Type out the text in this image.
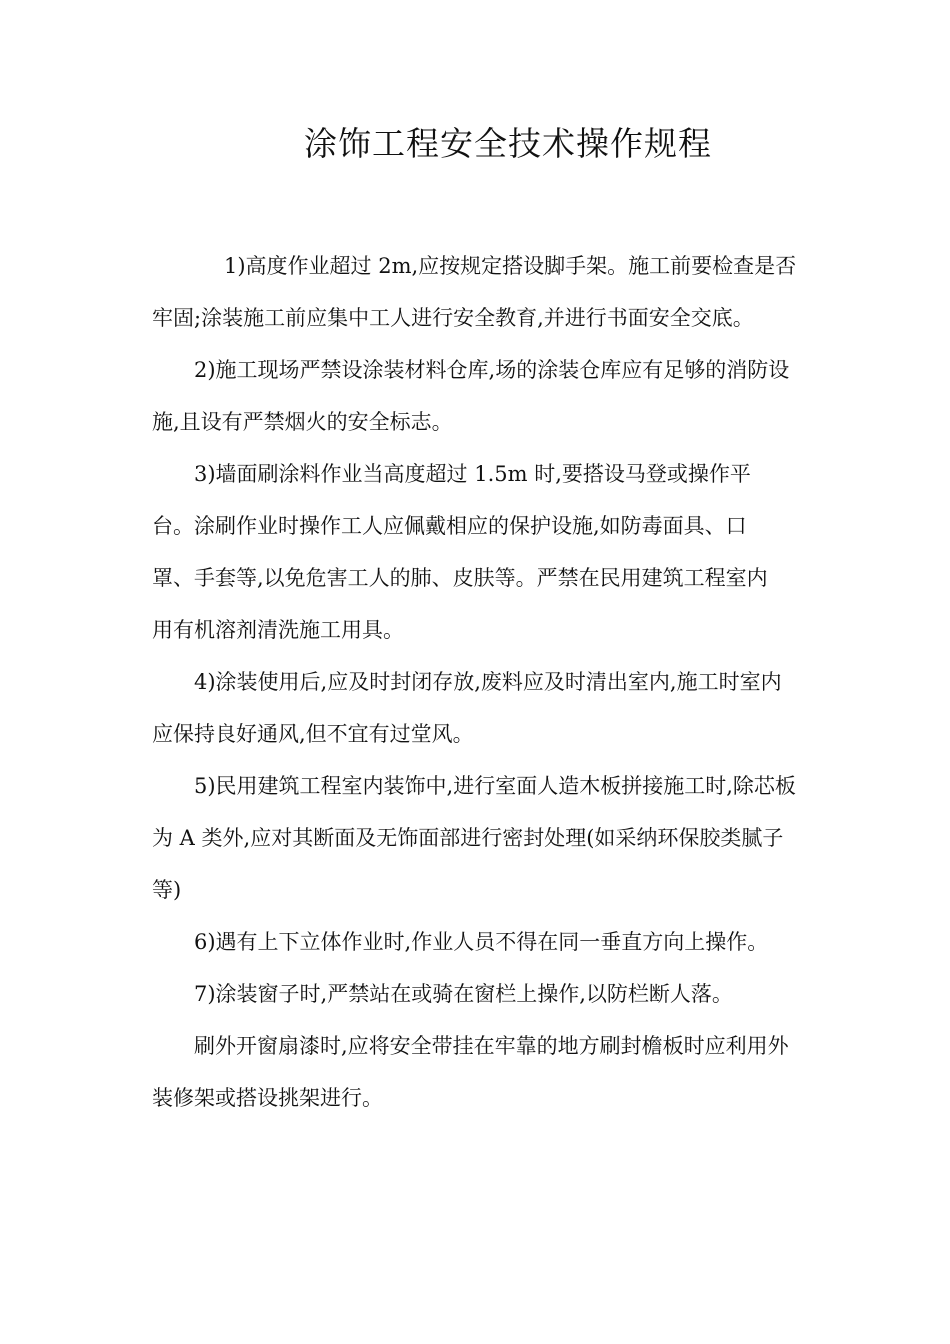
涂饰工程安全技术操作规程

1)高度作业超过 2m,应按规定搭设脚手架。施工前要检查是否牢固;涂装施工前应集中工人进行安全教育,并进行书面安全交底。

2)施工现场严禁设涂装材料仓库,场的涂装仓库应有足够的消防设施,且设有严禁烟火的安全标志。

3)墙面刷涂料作业当高度超过 1.5m 时,要搭设马登或操作平台。涂刷作业时操作工人应佩戴相应的保护设施,如防毒面具、口罩、手套等,以免危害工人的肺、皮肤等。严禁在民用建筑工程室内用有机溶剂清洗施工用具。

4)涂装使用后,应及时封闭存放,废料应及时清出室内,施工时室内应保持良好通风,但不宜有过堂风。

5)民用建筑工程室内装饰中,进行室面人造木板拼接施工时,除芯板为 A 类外,应对其断面及无饰面部进行密封处理(如采纳环保胶类腻子等)

6)遇有上下立体作业时,作业人员不得在同一垂直方向上操作。

7)涂装窗子时,严禁站在或骑在窗栏上操作,以防栏断人落。

刷外开窗扇漆时,应将安全带挂在牢靠的地方刷封檐板时应利用外装修架或搭设挑架进行。
